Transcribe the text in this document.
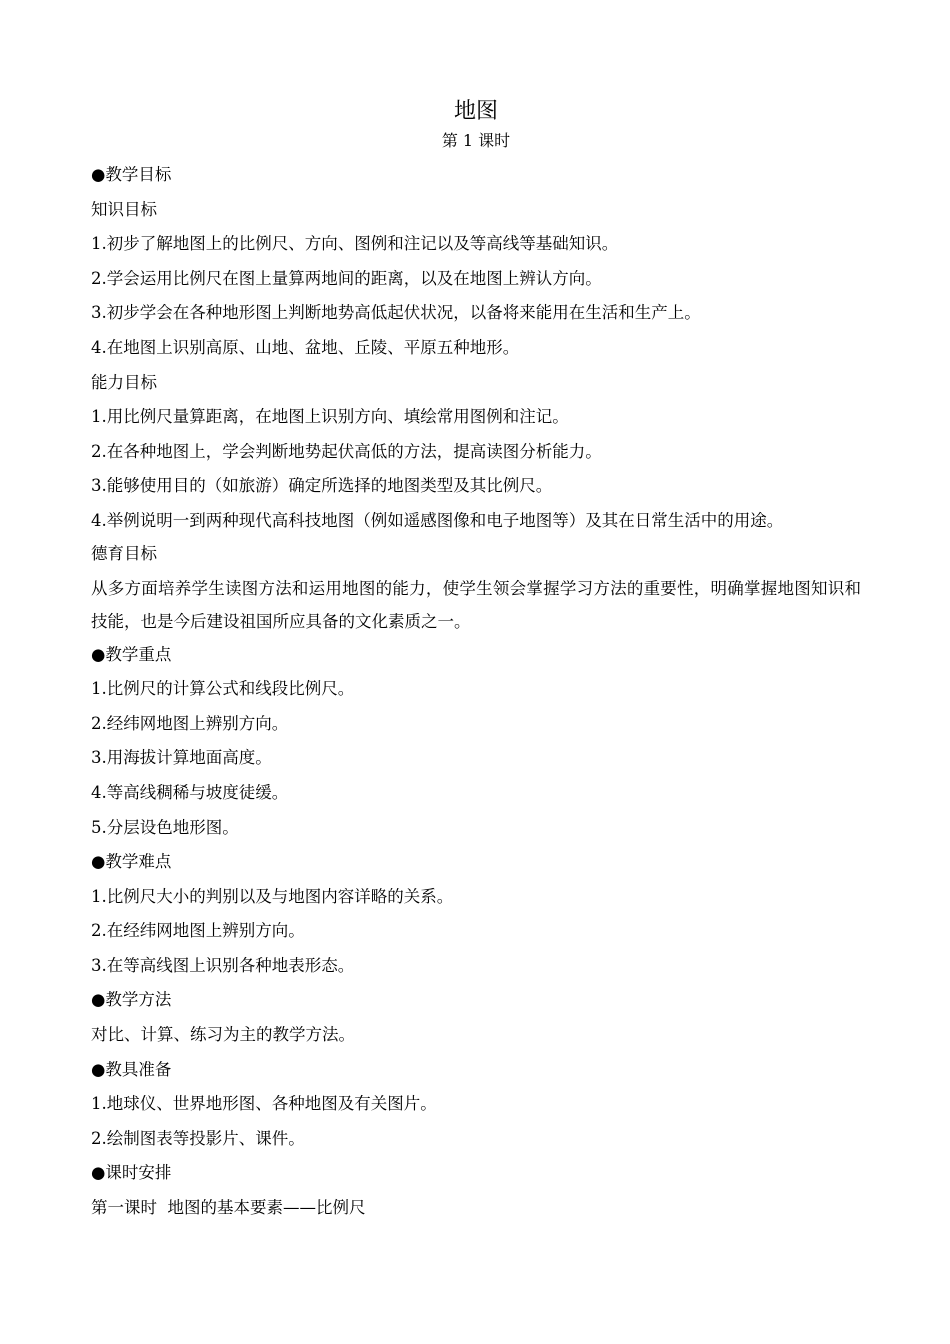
地图

第 1 课时

●教学目标

知识目标

1.初步了解地图上的比例尺、方向、图例和注记以及等高线等基础知识。

2.学会运用比例尺在图上量算两地间的距离，以及在地图上辨认方向。

3.初步学会在各种地形图上判断地势高低起伏状况，以备将来能用在生活和生产上。

4.在地图上识别高原、山地、盆地、丘陵、平原五种地形。

能力目标

1.用比例尺量算距离，在地图上识别方向、填绘常用图例和注记。

2.在各种地图上，学会判断地势起伏高低的方法，提高读图分析能力。

3.能够使用目的（如旅游）确定所选择的地图类型及其比例尺。

4.举例说明一到两种现代高科技地图（例如遥感图像和电子地图等）及其在日常生活中的用途。

德育目标

从多方面培养学生读图方法和运用地图的能力，使学生领会掌握学习方法的重要性，明确掌握地图知识和技能，也是今后建设祖国所应具备的文化素质之一。

●教学重点

1.比例尺的计算公式和线段比例尺。

2.经纬网地图上辨别方向。

3.用海拔计算地面高度。

4.等高线稠稀与坡度徒缓。

5.分层设色地形图。

●教学难点

1.比例尺大小的判别以及与地图内容详略的关系。

2.在经纬网地图上辨别方向。

3.在等高线图上识别各种地表形态。

●教学方法

对比、计算、练习为主的教学方法。

●教具准备

1.地球仪、世界地形图、各种地图及有关图片。

2.绘制图表等投影片、课件。

●课时安排

第一课时  地图的基本要素——比例尺
